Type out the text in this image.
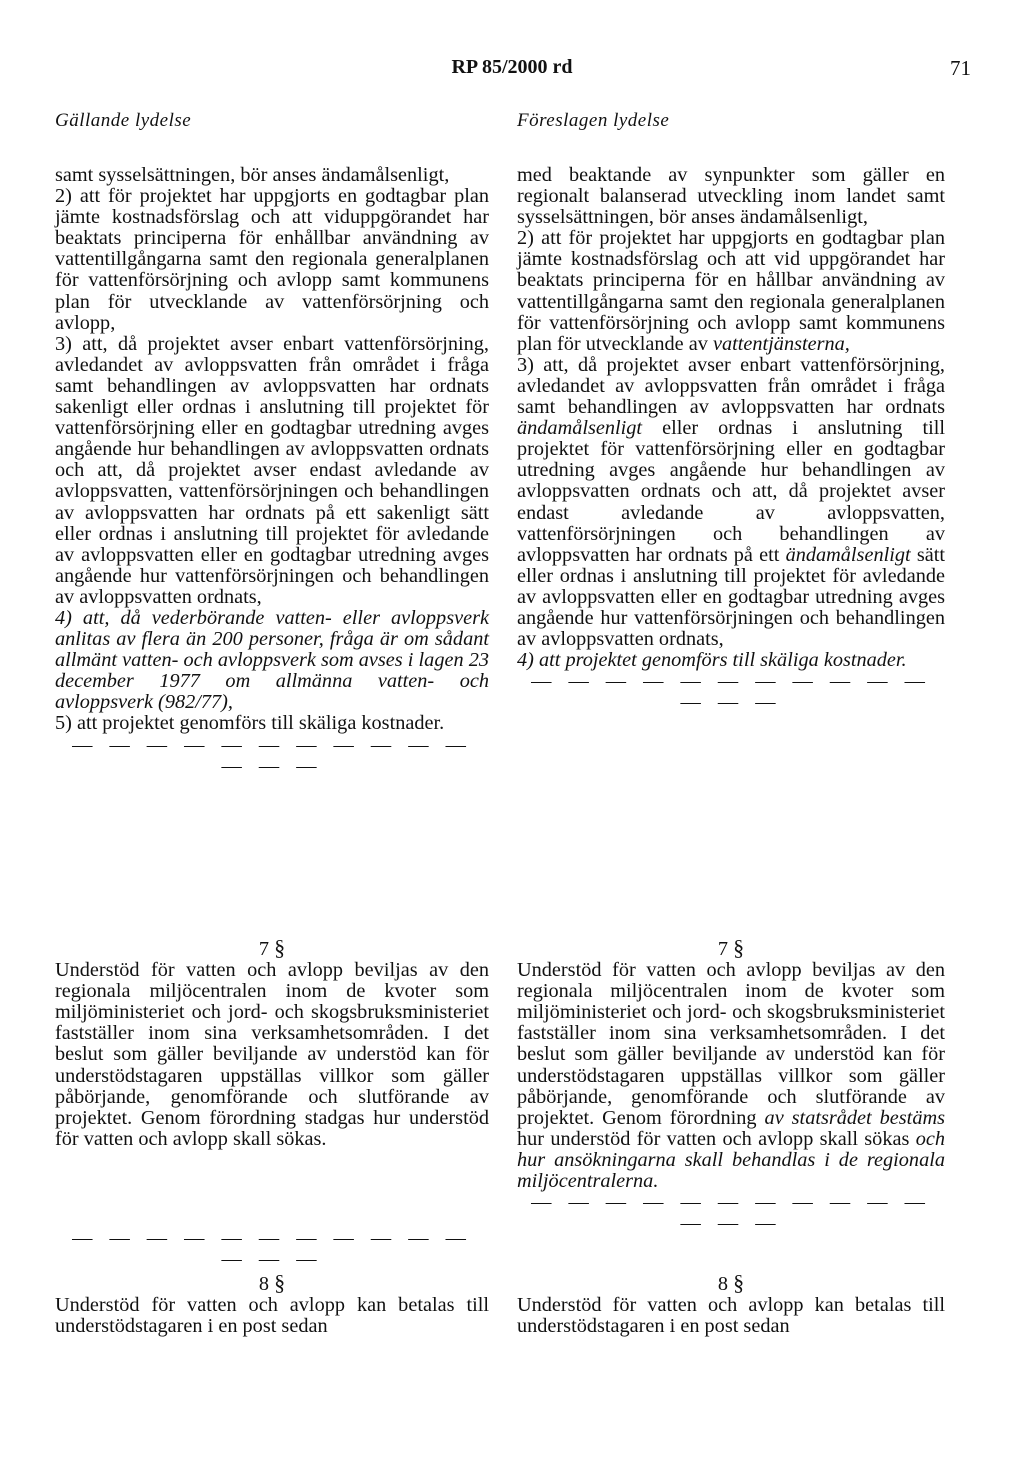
RP 85/2000 rd	71
Gällande lydelse	Föreslagen lydelse

samt sysselsättningen, bör anses ändamålsenligt,

2) att för projektet har uppgjorts en godtagbar plan jämte kostnadsförslag och att viduppgörandet har beaktats principerna för enhållbar användning av vattentillgångarna samt den regionala generalplanen för vattenförsörjning och avlopp samt kommunens plan för utvecklande av vattenförsörjning och avlopp,

3) att, då projektet avser enbart vattenförsörjning, avledandet av avloppsvatten från området i fråga samt behandlingen av avloppsvatten har ordnats sakenligt eller ordnas i anslutning till projektet för vattenförsörjning eller en godtagbar utredning avges angående hur behandlingen av avloppsvatten ordnats och att, då projektet avser endast avledande av avloppsvatten, vattenförsörjningen och behandlingen av avloppsvatten har ordnats på ett sakenligt sätt eller ordnas i anslutning till projektet för avledande av avloppsvatten eller en godtagbar utredning avges angående hur vattenförsörjningen och behandlingen av avloppsvatten ordnats,

4) att, då vederbörande vatten- eller avloppsverk anlitas av flera än 200 personer, fråga är om sådant allmänt vatten- och avloppsverk som avses i lagen 23 december 1977 om allmänna vatten- och avloppsverk (982/77),

5) att projektet genomförs till skäliga kostnader.

— — — — — — — — — — — — — —

7 §

Understöd för vatten och avlopp beviljas av den regionala miljöcentralen inom de kvoter som miljöministeriet och jord- och skogsbruksministeriet fastställer inom sina verksamhetsområden. I det beslut som gäller beviljande av understöd kan för understödstagaren uppställas villkor som gäller påbörjande, genomförande och slutförande av projektet. Genom förordning stadgas hur understöd för vatten och avlopp skall sökas.

— — — — — — — — — — — — — —

8 §

Understöd för vatten och avlopp kan betalas till understödstagaren i en post sedan

med beaktande av synpunkter som gäller en regionalt balanserad utveckling inom landet samt sysselsättningen, bör anses ändamålsenligt,

2) att för projektet har uppgjorts en godtagbar plan jämte kostnadsförslag och att vid uppgörandet har beaktats principerna för en hållbar användning av vattentillgångarna samt den regionala generalplanen för vattenförsörjning och avlopp samt kommunens plan för utvecklande av vattentjänsterna,

3) att, då projektet avser enbart vattenförsörjning, avledandet av avloppsvatten från området i fråga samt behandlingen av avloppsvatten har ordnats ändamålsenligt eller ordnas i anslutning till projektet för vattenförsörjning eller en godtagbar utredning avges angående hur behandlingen av avloppsvatten ordnats och att, då projektet avser endast avledande av avloppsvatten, vattenförsörjningen och behandlingen av avloppsvatten har ordnats på ett ändamålsenligt sätt eller ordnas i anslutning till projektet för avledande av avloppsvatten eller en godtagbar utredning avges angående hur vattenförsörjningen och behandlingen av avloppsvatten ordnats,

4) att projektet genomförs till skäliga kostnader.

— — — — — — — — — — — — — —

7 §

Understöd för vatten och avlopp beviljas av den regionala miljöcentralen inom de kvoter som miljöministeriet och jord- och skogsbruksministeriet fastställer inom sina verksamhetsområden. I det beslut som gäller beviljande av understöd kan för understödstagaren uppställas villkor som gäller påbörjande, genomförande och slutförande av projektet. Genom förordning av statsrådet bestäms hur understöd för vatten och avlopp skall sökas och hur ansökningarna skall behandlas i de regionala miljöcentralerna.

— — — — — — — — — — — — — —

8 §

Understöd för vatten och avlopp kan betalas till understödstagaren i en post sedan
